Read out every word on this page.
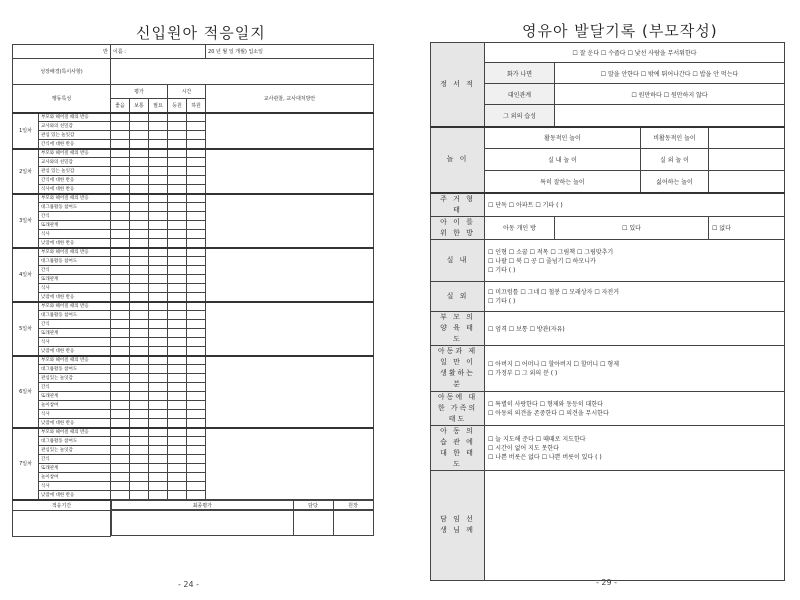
신입원아 적응일지
반	이름 :	20 년 월 일 개월) 입소일
성장배경(특이사항)	
행동특성	평가	시간	교사관찰, 교사대처방안
좋음	보통	필요	등원	하원
1일차	부모와 헤어질 때의 반응						
교사와의 친밀감					
관심 있는 놀잇감					
간식에 대한 반응					
2일차	부모와 헤어질 때의 반응						
교사와의 친밀감					
관심 있는 놀잇감					
간식에 대한 반응					
식사에 대한 반응					
3일차	부모와 헤어질 때의 반응						
대그룹활동 참여도					
간식					
또래관계					
식사					
낮잠에 대한 반응					
4일차	부모와 헤어질 때의 반응						
대그룹활동 참여도					
간식					
또래관계					
식사					
낮잠에 대한 반응					
5일차	부모와 헤어질 때의 반응						
대그룹활동 참여도					
간식					
또래관계					
식사					
낮잠에 대한 반응					
6일차	부모와 헤어질 때의 반응						
대그룹활동 참여도					
관심있는 놀잇감					
간식					
또래관계					
놀이참여					
식사					
낮잠에 대한 반응					
7일차	부모와 헤어질 때의 반응						
대그룹활동 참여도					
관심있는 놀잇감					
간식					
또래관계					
놀이참여					
식사					
낮잠에 대한 반응					
적응기간		최종평가	담당	원장

- 24 -
영유아 발달기록 (부모작성)
정 서 적	☐ 잘 운다 ☐ 수줍다 ☐ 낯선 사람을 무서워한다			
	화가 나면	☐ 말을 안한다 ☐ 밖에 뛰어나간다 ☐ 밥을 안 먹는다		
	대인관계	☐ 원만하다 ☐ 원만하지 않다		
	그 외의 습성			
놀 이	활동적인 놀이		비활동적인 놀이	
	실 내 놀 이		실 외 놀 이	
	특히 잘하는 놀이		싫어하는 놀이	
주 거 형 태	☐ 단독 ☐ 아파트 ☐ 기타 ( )			
아 이 를 위 한 방	아동 개인 방	☐ 있다		☐ 없다
실 내	☐ 인형 ☐ 소꿉 ☐ 적목 ☐ 그림책 ☐ 그림맞추기
☐ 나팔 ☐ 북 ☐ 공 ☐ 줄넘기 ☐ 하모니카
☐ 기타 ( )			

실 외	☐ 미끄럼틀 ☐ 그네 ☐ 철봉 ☐ 모래상자 ☐ 자전거
☐ 기타 ( )			

부 모 의 양 육 태 도	☐ 엄격 ☐ 보통 ☐ 방관(자유)			
아동과 제일 만 이 생활하는 분	☐ 아버지 ☐ 어머니 ☐ 할아버지 ☐ 할머니 ☐ 형제
☐ 가정부 ☐ 그 외의 분 ( )			

아동에 대한 가족의 태도	☐ 특별히 사랑한다 ☐ 형제와 동등히 대한다
☐ 아동의 의견을 존중한다 ☐ 의견을 무시한다			

아 동 의 습 관 에 대 한 태 도	☐ 늘 지도해 준다 ☐ 때때로 지도한다
☐ 시간이 없어 지도 못한다
☐ 나쁜 버릇은 없다 ☐ 나쁜 버릇이 있다 ( )			

담 임 선 생 님 께				
- 29 -
